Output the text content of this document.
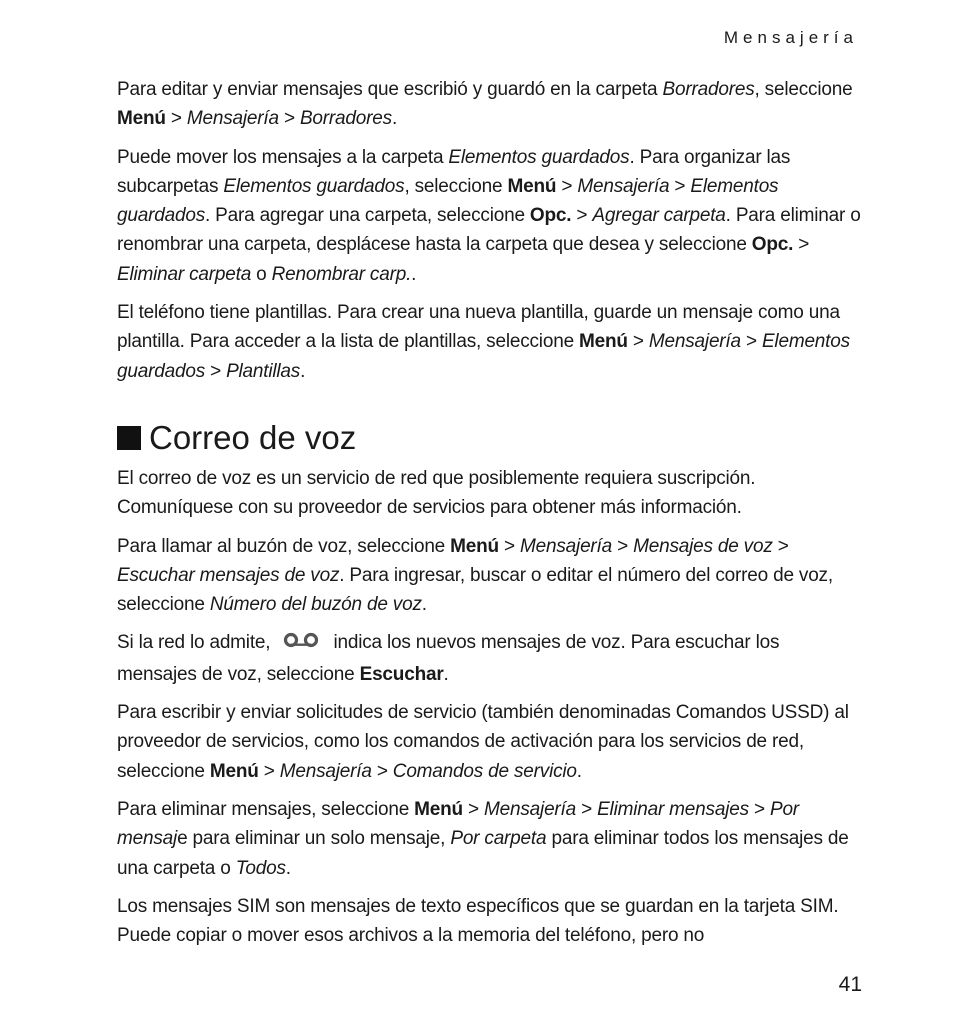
Mensajería

Para editar y enviar mensajes que escribió y guardó en la carpeta Borradores, seleccione Menú > Mensajería > Borradores.

Puede mover los mensajes a la carpeta Elementos guardados. Para organizar las subcarpetas Elementos guardados, seleccione Menú > Mensajería > Elementos guardados. Para agregar una carpeta, seleccione Opc. > Agregar carpeta. Para eliminar o renombrar una carpeta, desplácese hasta la carpeta que desea y seleccione Opc. > Eliminar carpeta o Renombrar carp..

El teléfono tiene plantillas. Para crear una nueva plantilla, guarde un mensaje como una plantilla. Para acceder a la lista de plantillas, seleccione Menú > Mensajería > Elementos guardados > Plantillas.

Correo de voz

El correo de voz es un servicio de red que posiblemente requiera suscripción. Comuníquese con su proveedor de servicios para obtener más información.

Para llamar al buzón de voz, seleccione Menú > Mensajería > Mensajes de voz > Escuchar mensajes de voz. Para ingresar, buscar o editar el número del correo de voz, seleccione Número del buzón de voz.

Si la red lo admite,	indica los nuevos mensajes de voz. Para escuchar los mensajes de voz, seleccione Escuchar.

Para escribir y enviar solicitudes de servicio (también denominadas Comandos USSD) al proveedor de servicios, como los comandos de activación para los servicios de red, seleccione Menú > Mensajería > Comandos de servicio.

Para eliminar mensajes, seleccione Menú > Mensajería > Eliminar mensajes > Por mensaje para eliminar un solo mensaje, Por carpeta para eliminar todos los mensajes de una carpeta o Todos.

Los mensajes SIM son mensajes de texto específicos que se guardan en la tarjeta SIM. Puede copiar o mover esos archivos a la memoria del teléfono, pero no

41
